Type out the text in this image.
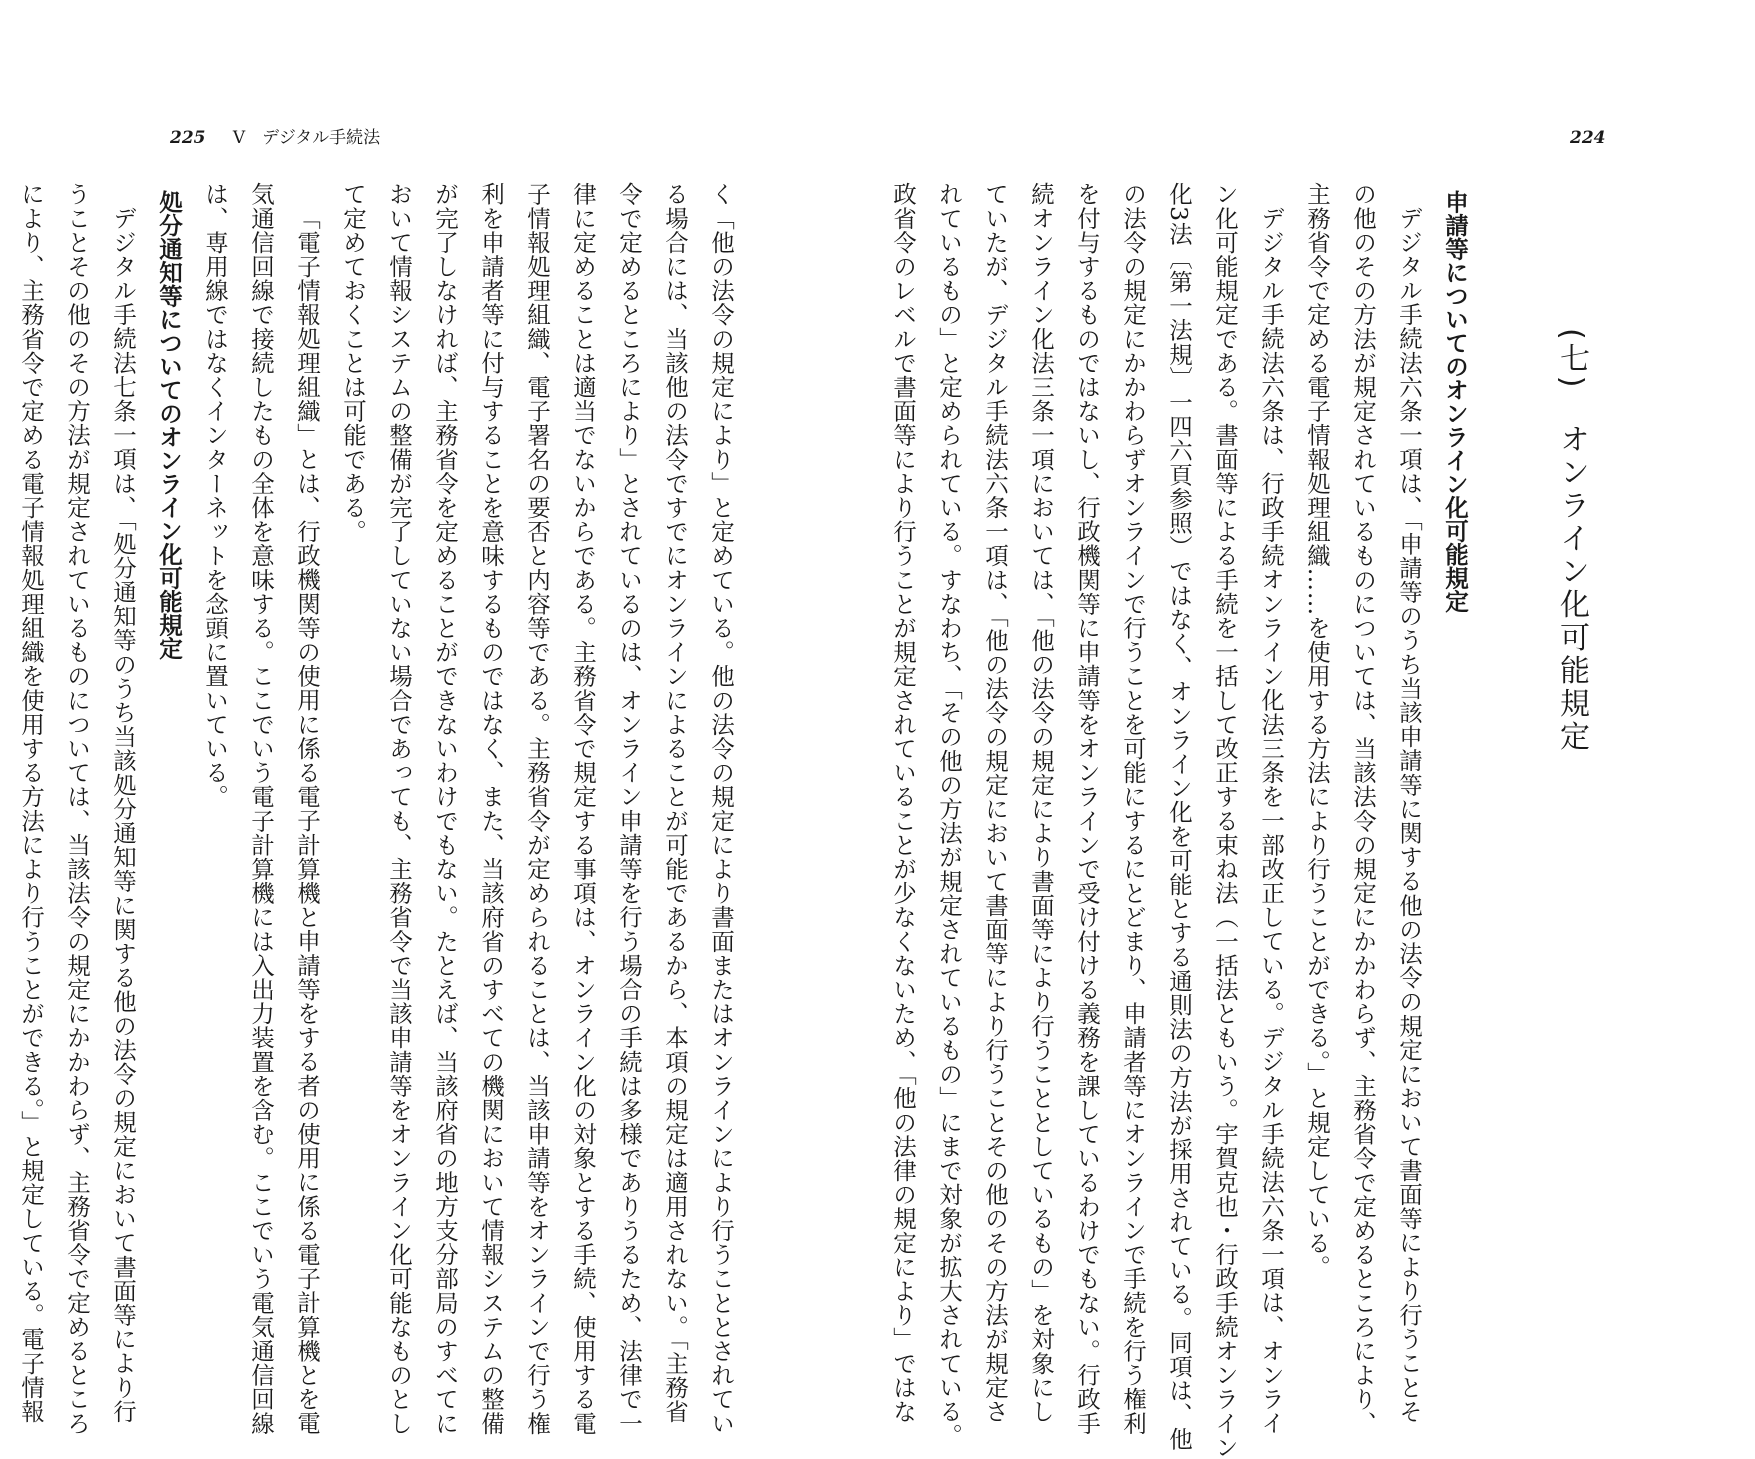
225 Ⅴ　デジタル手続法	224
(七)　オンライン化可能規定
申請等についてのオンライン化可能規定
デジタル手続法六条一項は、「申請等のうち当該申請等に関する他の法令の規定において書面等により行うことそ
の他のその方法が規定されているものについては、当該法令の規定にかかわらず、主務省令で定めるところにより、
主務省令で定める電子情報処理組織……を使用する方法により行うことができる。」と規定している。
デジタル手続法六条は、行政手続オンライン化法三条を一部改正している。デジタル手続法六条一項は、オンライ
ン化可能規定である。書面等による手続を一括して改正する束ね法（一括法ともいう。宇賀克也・行政手続オンライン
化3法〔第一法規〕一四六頁参照）ではなく、オンライン化を可能とする通則法の方法が採用されている。同項は、他
の法令の規定にかかわらずオンラインで行うことを可能にするにとどまり、申請者等にオンラインで手続を行う権利
を付与するものではないし、行政機関等に申請等をオンラインで受け付ける義務を課しているわけでもない。行政手
続オンライン化法三条一項においては、「他の法令の規定により書面等により行うこととしているもの」を対象にし
ていたが、デジタル手続法六条一項は、「他の法令の規定において書面等により行うことその他のその方法が規定さ
れているもの」と定められている。すなわち、「その他の方法が規定されているもの」にまで対象が拡大されている。
政省令のレベルで書面等により行うことが規定されていることが少なくないため、「他の法律の規定により」ではな
く「他の法令の規定により」と定めている。他の法令の規定により書面またはオンラインにより行うこととされてい
る場合には、当該他の法令ですでにオンラインによることが可能であるから、本項の規定は適用されない。「主務省
令で定めるところにより」とされているのは、オンライン申請等を行う場合の手続は多様でありうるため、法律で一
律に定めることは適当でないからである。主務省令で規定する事項は、オンライン化の対象とする手続、使用する電
子情報処理組織、電子署名の要否と内容等である。主務省令が定められることは、当該申請等をオンラインで行う権
利を申請者等に付与することを意味するものではなく、また、当該府省のすべての機関において情報システムの整備
が完了しなければ、主務省令を定めることができないわけでもない。たとえば、当該府省の地方支分部局のすべてに
おいて情報システムの整備が完了していない場合であっても、主務省令で当該申請等をオンライン化可能なものとし
て定めておくことは可能である。
「電子情報処理組織」とは、行政機関等の使用に係る電子計算機と申請等をする者の使用に係る電子計算機とを電
気通信回線で接続したもの全体を意味する。ここでいう電子計算機には入出力装置を含む。ここでいう電気通信回線
は、専用線ではなくインターネットを念頭に置いている。
処分通知等についてのオンライン化可能規定
デジタル手続法七条一項は、「処分通知等のうち当該処分通知等に関する他の法令の規定において書面等により行
うことその他のその方法が規定されているものについては、当該法令の規定にかかわらず、主務省令で定めるところ
により、主務省令で定める電子情報処理組織を使用する方法により行うことができる。」と規定している。電子情報
